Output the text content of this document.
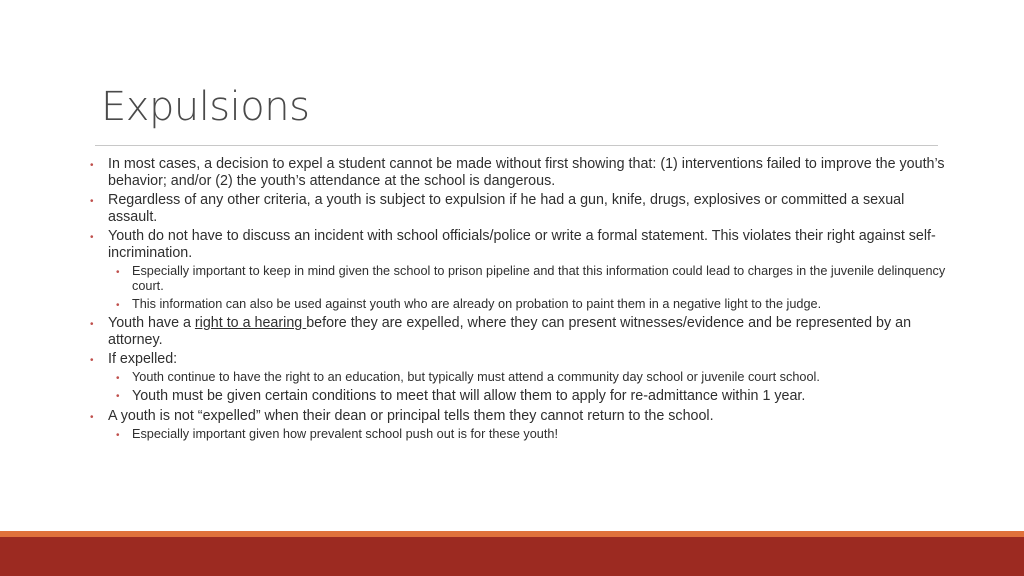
Expulsions
• In most cases, a decision to expel a student cannot be made without first showing that: (1) interventions failed to improve the youth’s behavior; and/or (2) the youth’s attendance at the school is dangerous.
• Regardless of any other criteria, a youth is subject to expulsion if he had a gun, knife, drugs, explosives or committed a sexual assault.
• Youth do not have to discuss an incident with school officials/police or write a formal statement. This violates their right against self-incrimination.
• Especially important to keep in mind given the school to prison pipeline and that this information could lead to charges in the juvenile delinquency court.
• This information can also be used against youth who are already on probation to paint them in a negative light to the judge.
• Youth have a right to a hearing before they are expelled, where they can present witnesses/evidence and be represented by an attorney.
• If expelled:
• Youth continue to have the right to an education, but typically must attend a community day school or juvenile court school.
• Youth must be given certain conditions to meet that will allow them to apply for re-admittance within 1 year.
• A youth is not “expelled” when their dean or principal tells them they cannot return to the school.
• Especially important given how prevalent school push out is for these youth!
